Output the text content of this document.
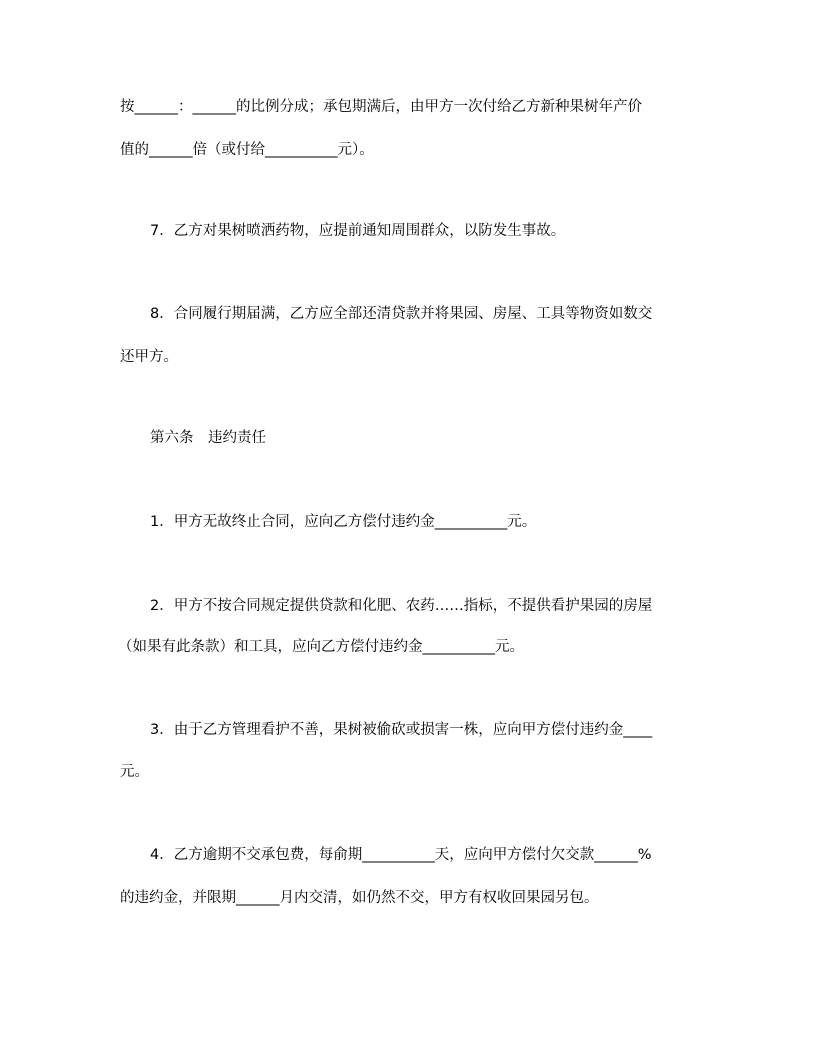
按______：______的比例分成；承包期满后，由甲方一次付给乙方新种果树年产价
值的______倍（或付给__________元）。
7．乙方对果树喷洒药物，应提前通知周围群众，以防发生事故。
8．合同履行期届满，乙方应全部还清贷款并将果园、房屋、工具等物资如数交
还甲方。
第六条　违约责任
1．甲方无故终止合同，应向乙方偿付违约金__________元。
2．甲方不按合同规定提供贷款和化肥、农药……指标，不提供看护果园的房屋
（如果有此条款）和工具，应向乙方偿付违约金__________元。
3．由于乙方管理看护不善，果树被偷砍或损害一株，应向甲方偿付违约金____
元。
4．乙方逾期不交承包费，每俞期__________天，应向甲方偿付欠交款______%
的违约金，并限期______月内交清，如仍然不交，甲方有权收回果园另包。
